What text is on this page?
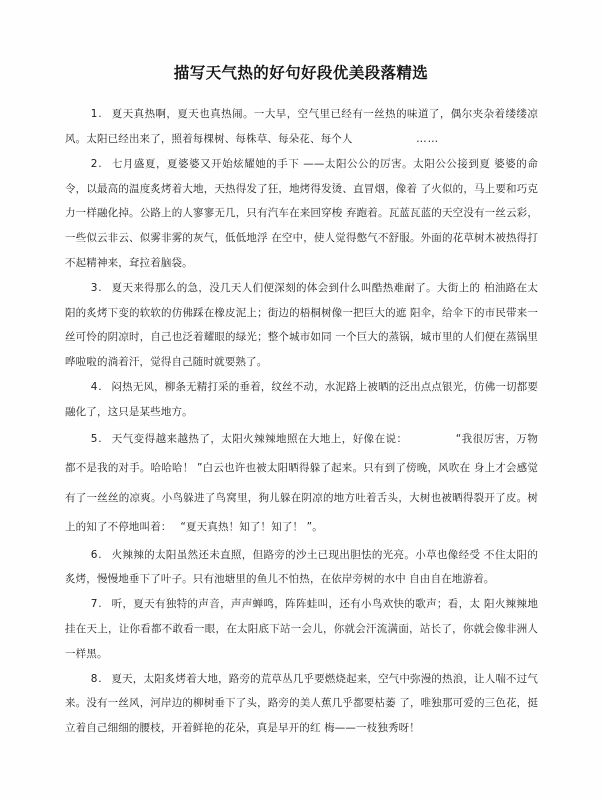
描写天气热的好句好段优美段落精选

1. 夏天真热啊，夏天也真热闹。一大早，空气里已经有一丝热的味道了，偶尔夹杂着缕缕凉风。太阳已经出来了，照着每棵树、每株草、每朵花、每个人	……

2. 七月盛夏，夏婆婆又开始炫耀她的手下 ——太阳公公的厉害。太阳公公接到夏 婆婆的命令，以最高的温度炙烤着大地，天热得发了狂，地烤得发烫、直冒烟，像着 了火似的，马上要和巧克力一样融化掉。公路上的人寥寥无几，只有汽车在来回穿梭 弃跑着。瓦蓝瓦蓝的天空没有一丝云彩，一些似云非云、似雾非雾的灰气，低低地浮 在空中，使人觉得憋气不舒服。外面的花草树木被热得打不起精神来，耷拉着脑袋。

3. 夏天来得那么的急，没几天人们便深刻的体会到什么叫酷热难耐了。大街上的 柏油路在太阳的炙烤下变的软软的仿佛踩在橡皮泥上；街边的梧桐树像一把巨大的遮 阳伞，给伞下的市民带来一丝可怜的阴凉时，自己也泛着耀眼的绿光；整个城市如同 一个巨大的蒸锅，城市里的人们便在蒸锅里哗啦啦的淌着汗，觉得自己随时就要熟了。

4. 闷热无风，柳条无精打采的垂着，纹丝不动，水泥路上被晒的泛出点点银光，仿佛一切都要融化了，这只是某些地方。

5. 天气变得越来越热了，太阳火辣辣地照在大地上，好像在说：	“我很厉害，万物都不是我的对手。哈哈哈！ ”白云也许也被太阳晒得躲了起来。只有到了傍晚，风吹在 身上才会感觉有了一丝丝的凉爽。小鸟躲进了鸟窝里，狗儿躲在阴凉的地方吐着舌头，大树也被晒得裂开了皮。树上的知了不停地叫着： “夏天真热！知了！知了！ ”。

6. 火辣辣的太阳虽然还未直照，但路旁的沙土已现出胆怯的光亮。小草也像经受 不住太阳的炙烤，慢慢地垂下了叶子。只有池塘里的鱼儿不怕热，在依岸旁树的水中 自由自在地游着。

7. 听，夏天有独特的声音，声声蝉鸣，阵阵蛙叫，还有小鸟欢快的歌声；看，太 阳火辣辣地挂在天上，让你看都不敢看一眼，在太阳底下站一会儿，你就会汗流满面，站长了，你就会像非洲人一样黑。

8. 夏天，太阳炙烤着大地，路旁的荒草丛几乎要燃烧起来，空气中弥漫的热浪，让人喘不过气来。没有一丝风，河岸边的柳树垂下了头，路旁的美人蕉几乎都要枯萎 了，唯独那可爱的三色花，挺立着自己细细的腰枝，开着鲜艳的花朵，真是早开的红 梅——一枝独秀呀！
